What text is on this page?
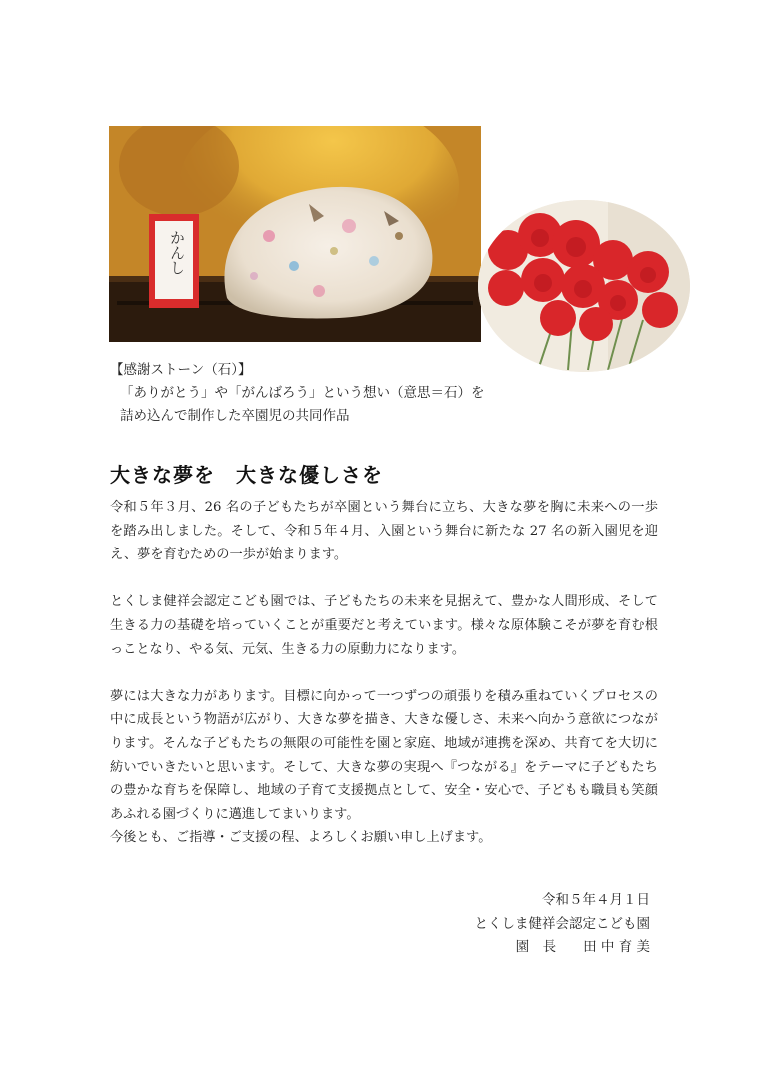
かんし
【感謝ストーン（石）】
「ありがとう」や「がんばろう」という想い（意思＝石）を
詰め込んで制作した卒園児の共同作品
大きな夢を　大きな優しさを

令和５年３月、26 名の子どもたちが卒園という舞台に立ち、大きな夢を胸に未来への一歩を踏み出しました。そして、令和５年４月、入園という舞台に新たな 27 名の新入園児を迎え、夢を育むための一歩が始まります。

とくしま健祥会認定こども園では、子どもたちの未来を見据えて、豊かな人間形成、そして生きる力の基礎を培っていくことが重要だと考えています。様々な原体験こそが夢を育む根っことなり、やる気、元気、生きる力の原動力になります。

夢には大きな力があります。目標に向かって一つずつの頑張りを積み重ねていくプロセスの中に成長という物語が広がり、大きな夢を描き、大きな優しさ、未来へ向かう意欲につながります。そんな子どもたちの無限の可能性を園と家庭、地域が連携を深め、共育てを大切に紡いでいきたいと思います。そして、大きな夢の実現へ『つながる』をテーマに子どもたちの豊かな育ちを保障し、地域の子育て支援拠点として、安全・安心で、子どもも職員も笑顔あふれる園づくりに邁進してまいります。

今後とも、ご指導・ご支援の程、よろしくお願い申し上げます。

令和５年４月１日
とくしま健祥会認定こども園
園　長　　田 中 育 美
